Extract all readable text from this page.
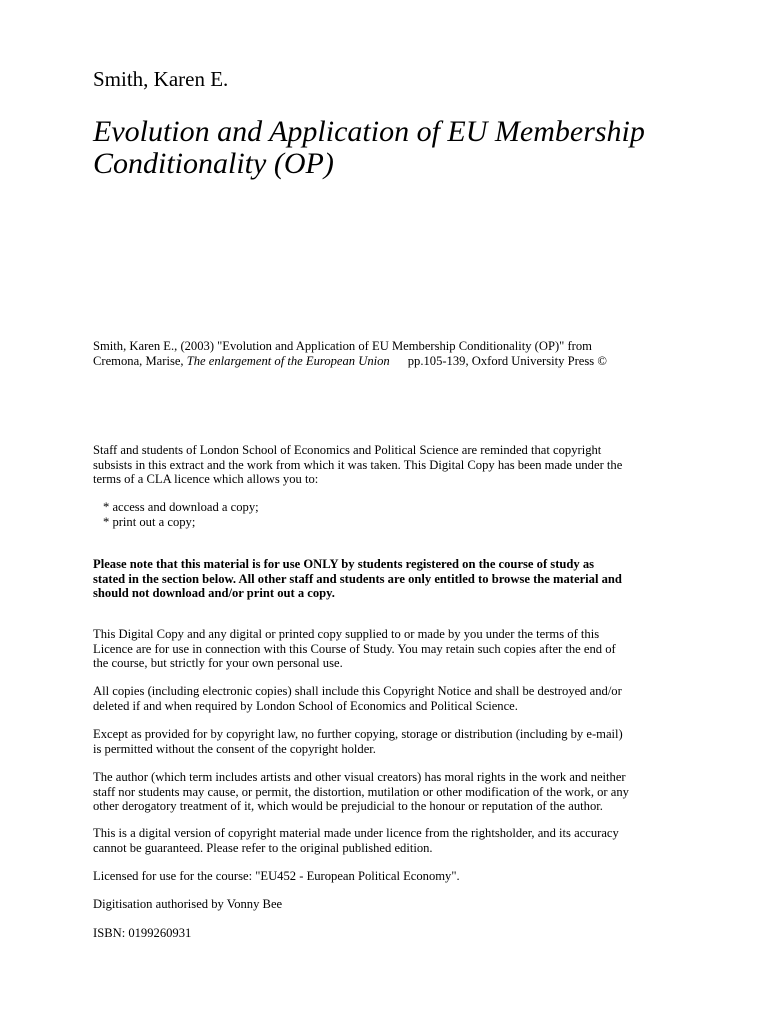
Smith, Karen E.
Evolution and Application of EU Membership
Conditionality (OP)
Smith, Karen E., (2003) "Evolution and Application of EU Membership Conditionality (OP)" from
Cremona, Marise, The enlargement of the European Union pp.105-139, Oxford University Press ©
Staff and students of London School of Economics and Political Science are reminded that copyright
subsists in this extract and the work from which it was taken. This Digital Copy has been made under the
terms of a CLA licence which allows you to:
* access and download a copy;
* print out a copy;
Please note that this material is for use ONLY by students registered on the course of study as
stated in the section below. All other staff and students are only entitled to browse the material and
should not download and/or print out a copy.
This Digital Copy and any digital or printed copy supplied to or made by you under the terms of this
Licence are for use in connection with this Course of Study. You may retain such copies after the end of
the course, but strictly for your own personal use.
All copies (including electronic copies) shall include this Copyright Notice and shall be destroyed and/or
deleted if and when required by London School of Economics and Political Science.
Except as provided for by copyright law, no further copying, storage or distribution (including by e-mail)
is permitted without the consent of the copyright holder.
The author (which term includes artists and other visual creators) has moral rights in the work and neither
staff nor students may cause, or permit, the distortion, mutilation or other modification of the work, or any
other derogatory treatment of it, which would be prejudicial to the honour or reputation of the author.
This is a digital version of copyright material made under licence from the rightsholder, and its accuracy
cannot be guaranteed. Please refer to the original published edition.
Licensed for use for the course: "EU452 - European Political Economy".
Digitisation authorised by Vonny Bee
ISBN: 0199260931
